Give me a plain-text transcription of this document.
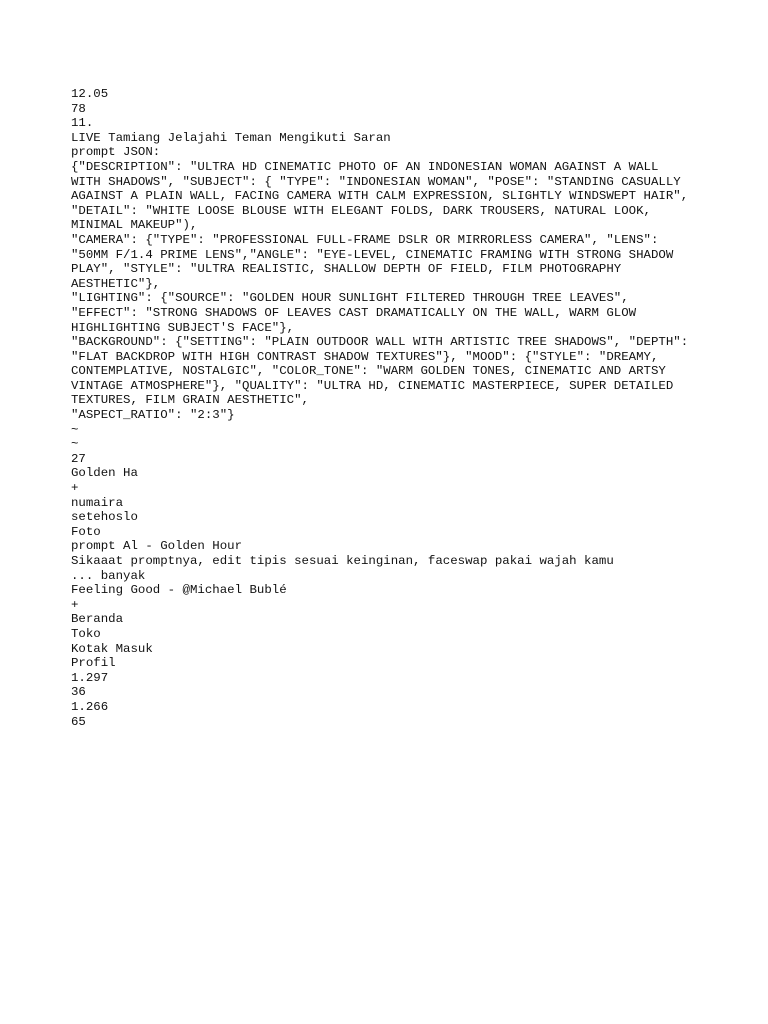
12.05
78
11.
LIVE Tamiang Jelajahi Teman Mengikuti Saran
prompt JSON:
{"DESCRIPTION": "ULTRA HD CINEMATIC PHOTO OF AN INDONESIAN WOMAN AGAINST A WALL
WITH SHADOWS", "SUBJECT": { "TYPE": "INDONESIAN WOMAN", "POSE": "STANDING CASUALLY
AGAINST A PLAIN WALL, FACING CAMERA WITH CALM EXPRESSION, SLIGHTLY WINDSWEPT HAIR",
"DETAIL": "WHITE LOOSE BLOUSE WITH ELEGANT FOLDS, DARK TROUSERS, NATURAL LOOK,
MINIMAL MAKEUP"),
"CAMERA": {"TYPE": "PROFESSIONAL FULL-FRAME DSLR OR MIRRORLESS CAMERA", "LENS":
"50MM F/1.4 PRIME LENS","ANGLE": "EYE-LEVEL, CINEMATIC FRAMING WITH STRONG SHADOW
PLAY", "STYLE": "ULTRA REALISTIC, SHALLOW DEPTH OF FIELD, FILM PHOTOGRAPHY
AESTHETIC"},
"LIGHTING": {"SOURCE": "GOLDEN HOUR SUNLIGHT FILTERED THROUGH TREE LEAVES",
"EFFECT": "STRONG SHADOWS OF LEAVES CAST DRAMATICALLY ON THE WALL, WARM GLOW
HIGHLIGHTING SUBJECT'S FACE"},
"BACKGROUND": {"SETTING": "PLAIN OUTDOOR WALL WITH ARTISTIC TREE SHADOWS", "DEPTH":
"FLAT BACKDROP WITH HIGH CONTRAST SHADOW TEXTURES"}, "MOOD": {"STYLE": "DREAMY,
CONTEMPLATIVE, NOSTALGIC", "COLOR_TONE": "WARM GOLDEN TONES, CINEMATIC AND ARTSY
VINTAGE ATMOSPHERE"}, "QUALITY": "ULTRA HD, CINEMATIC MASTERPIECE, SUPER DETAILED
TEXTURES, FILM GRAIN AESTHETIC",
"ASPECT_RATIO": "2:3"}
~
~
27
Golden Ha
+
numaira
setehoslo
Foto
prompt Al - Golden Hour
Sikaaat promptnya, edit tipis sesuai keinginan, faceswap pakai wajah kamu
... banyak
Feeling Good - @Michael Bublé
+
Beranda
Toko
Kotak Masuk
Profil
1.297
36
1.266
65
